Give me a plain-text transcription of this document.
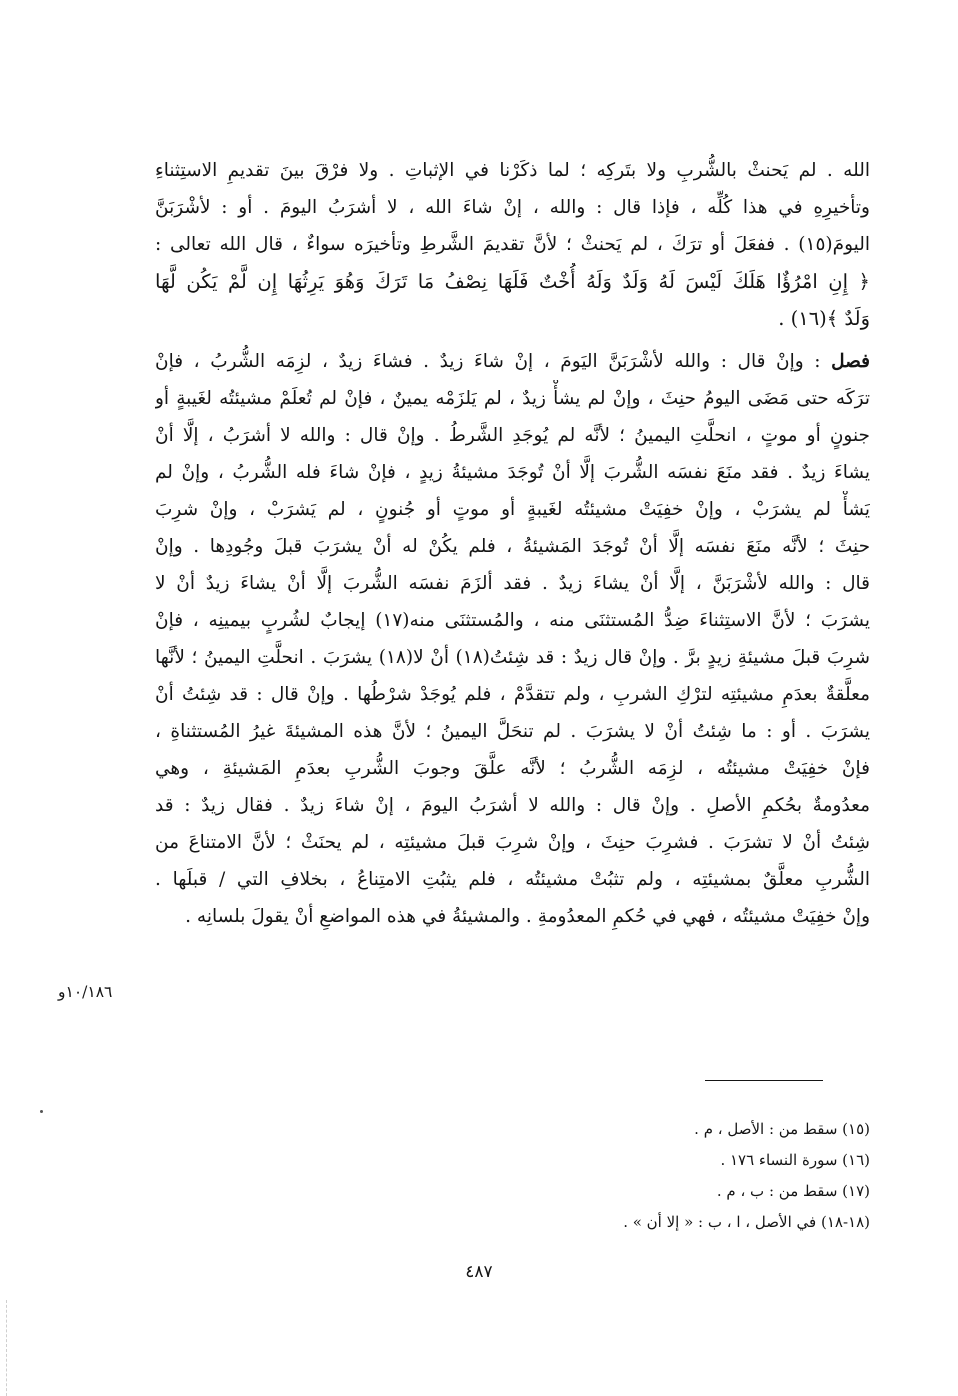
الله . لم يَحنثْ بالشُّربِ ولا بتَركِه ؛ لما ذكَرْنا في الإثباتِ . ولا فرْقَ بينَ تقديمِ الاستِثناءِ
وتأخيرِهِ في هذا كُلِّه ، فإذا قال : والله ، إنْ شاءَ الله ، لا أشرَبُ اليومَ . أو : لأشْرَبَنَّ
اليومَ(١٥) . ففعَلَ أو ترَكَ ، لم يَحنثْ ؛ لأنَّ تقديمَ الشَّرطِ وتأخيرَه سواءٌ ، قال الله تعالى :
﴿ إِنِ امْرُؤٌا هَلَكَ لَيْسَ لَهُ وَلَدٌ وَلَهُ أُخْتٌ فَلَهَا نِصْفُ مَا تَرَكَ وَهُوَ يَرِثُهَا إِن لَّمْ يَكُن لَّهَا
وَلَدٌ ﴾(١٦) .
فصل : وإنْ قال : والله لأشْرَبَنَّ اليَومَ ، إنْ شاءَ زيدٌ . فشاءَ زيدٌ ، لزِمَه الشُّربُ ، فإنْ
ترَكَه حتى مَضَى اليومُ حنِثَ ، وإنْ لم يشأْ زيدٌ ، لم يَلزَمْه يمينٌ ، فإنْ لم تُعلَمْ مشيئتُه لغَيبةٍ أو
جنونٍ أو موتٍ ، انحلَّتِ اليمينُ ؛ لأنَّه لم يُوجَدِ الشَّرطُ . وإنْ قال : والله لا أشرَبُ ، إلَّا أنْ
يشاءَ زيدٌ . فقد منَعَ نفسَه الشُّربَ إلَّا أنْ تُوجَدَ مشيئةُ زيدٍ ، فإنْ شاءَ فله الشُّربُ ، وإنْ لم
يَشأْ لم يشرَبْ ، وإنْ خفِيَتْ مشيئتُه لغَيبةٍ أو موتٍ أو جُنونٍ ، لم يَشرَبْ ، وإنْ شرِبَ
حنِثَ ؛ لأنَّه منَعَ نفسَه إلَّا أنْ تُوجَدَ المَشيئةُ ، فلم يكُنْ له أنْ يشرَبَ قبلَ وجُودِها . وإنْ
قال : والله لأشْرَبَنَّ ، إلَّا أنْ يشاءَ زيدٌ . فقد ألزَمَ نفسَه الشُّربَ إلَّا أنْ يشاءَ زيدٌ أنْ لا
يشرَبَ ؛ لأنَّ الاستِثناءَ ضِدُّ المُستثنَى منه ، والمُستثنَى منه(١٧) إيجابٌ لشُربٍ بيمينِه ، فإنْ
شرِبَ قبلَ مشيئةِ زيدٍ برَّ . وإنْ قال زيدٌ : قد شِئتُ(١٨) أنْ لا(١٨) يشرَبَ . انحلَّتِ اليمينُ ؛ لأنَّها
معلَّقةٌ بعدَمِ مشيئتِه لترْكِ الشربِ ، ولم تتقدَّمْ ، فلم يُوجَدْ شرْطُها . وإنْ قال : قد شِئتُ أنْ
يشرَبَ . أو : ما شِئتُ أنْ لا يشرَبَ . لم تنحَلَّ اليمينُ ؛ لأنَّ هذه المشيئةَ غيرُ المُستثناةِ ،
فإنْ خفِيَتْ مشيئتُه ، لزِمَه الشُّربُ ؛ لأنَّه علَّقَ وجوبَ الشُّربِ بعدَمِ المَشيئةِ ، وهي
معدُومةٌ بحُكمِ الأصلِ . وإنْ قال : والله لا أشرَبُ اليومَ ، إنْ شاءَ زيدٌ . فقال زيدٌ : قد
شِئتُ أنْ لا تشرَبَ . فشرِبَ حنِثَ ، وإنْ شرِبَ قبلَ مشيئتِه ، لم يحنَثْ ؛ لأنَّ الامتناعَ من
الشُّربِ معلَّقٌ بمشيئتِه ، ولم تثبُتْ مشيئتُه ، فلم يثبُتِ الامتِناعُ ، بخلافِ التي / قبلَها .
وإنْ خفِيَتْ مشيئتُه ، فهي في حُكمِ المعدُومةِ . والمشيئةُ في هذه المواضعِ أنْ يقولَ بلسانِه .
١٠/١٨٦و
(١٥) سقط من : الأصل ، م .
(١٦) سورة النساء ١٧٦ .
(١٧) سقط من : ب ، م .
(١٨-١٨) في الأصل ، ا ، ب : « إلا أن » .
٤٨٧
